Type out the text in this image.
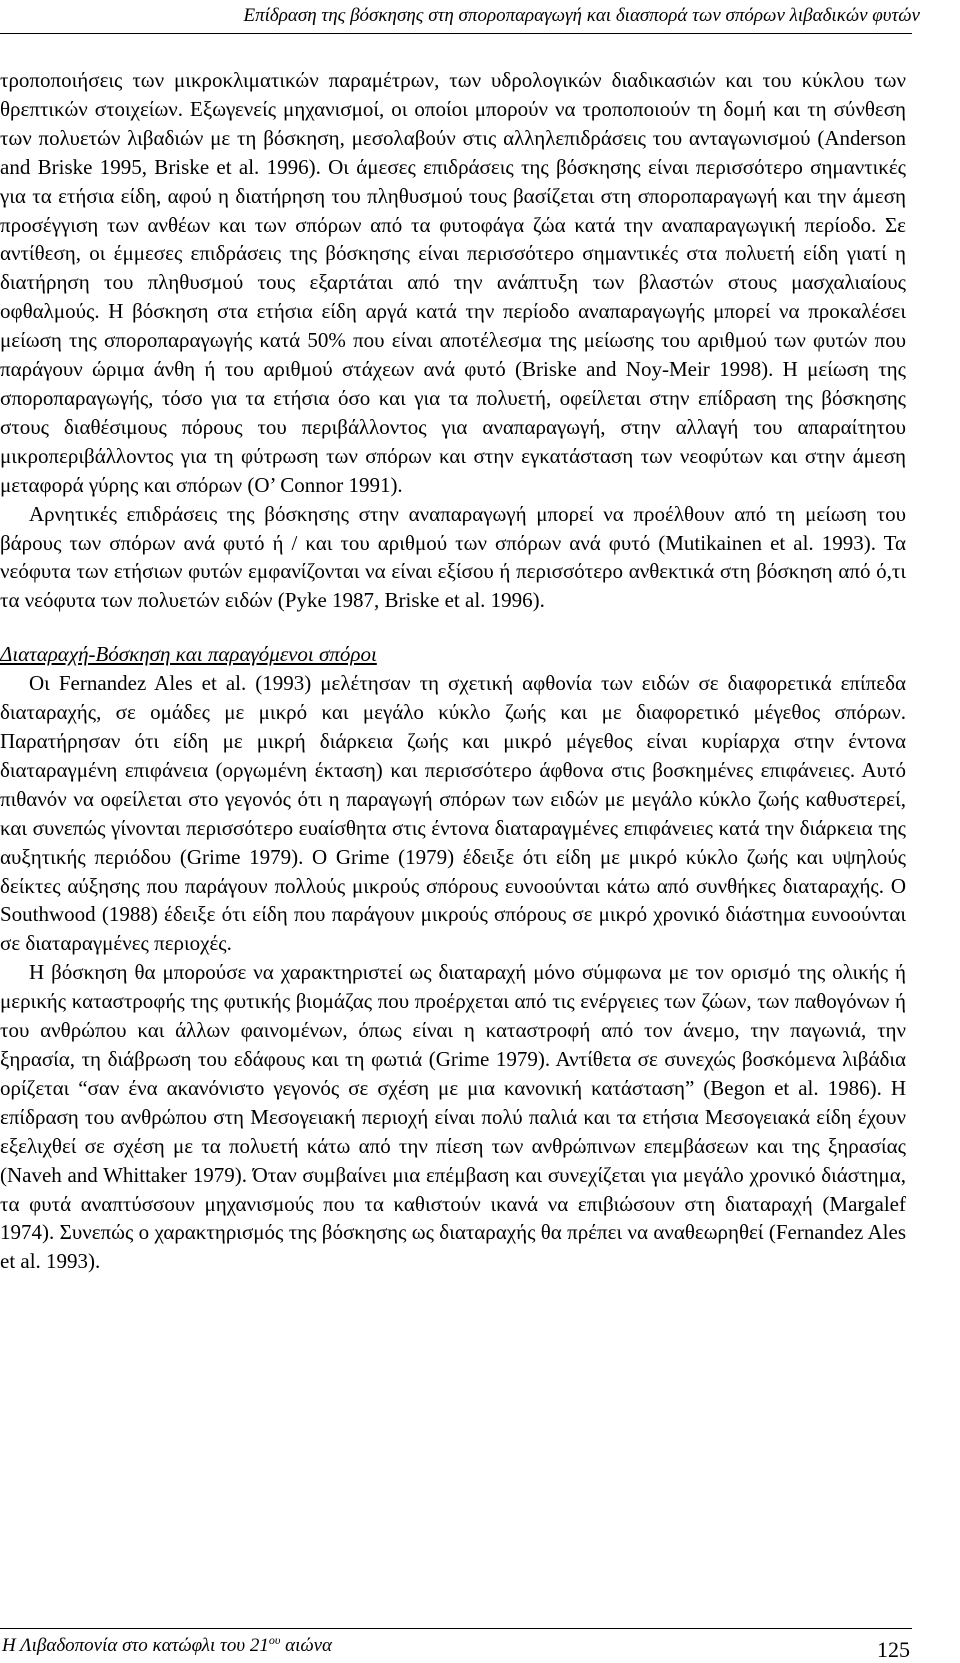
Επίδραση της βόσκησης στη σποροπαραγωγή και διασπορά των σπόρων λιβαδικών φυτών

τροποποιήσεις των μικροκλιματικών παραμέτρων, των υδρολογικών διαδικασιών και του κύκλου των θρεπτικών στοιχείων. Εξωγενείς μηχανισμοί, οι οποίοι μπορούν να τροποποιούν τη δομή και τη σύνθεση των πολυετών λιβαδιών με τη βόσκηση, μεσολαβούν στις αλληλεπιδράσεις του ανταγωνισμού (Anderson and Briske 1995, Briske et al. 1996). Οι άμεσες επιδράσεις της βόσκησης είναι περισσότερο σημαντικές για τα ετήσια είδη, αφού η διατήρηση του πληθυσμού τους βασίζεται στη σποροπαραγωγή και την άμεση προσέγγιση των ανθέων και των σπόρων από τα φυτοφάγα ζώα κατά την αναπαραγωγική περίοδο. Σε αντίθεση, οι έμμεσες επιδράσεις της βόσκησης είναι περισσότερο σημαντικές στα πολυετή είδη γιατί η διατήρηση του πληθυσμού τους εξαρτάται από την ανάπτυξη των βλαστών στους μασχαλιαίους οφθαλμούς. Η βόσκηση στα ετήσια είδη αργά κατά την περίοδο αναπαραγωγής μπορεί να προκαλέσει μείωση της σποροπαραγωγής κατά 50% που είναι αποτέλεσμα της μείωσης του αριθμού των φυτών που παράγουν ώριμα άνθη ή του αριθμού στάχεων ανά φυτό (Briske and Noy-Meir 1998). Η μείωση της σποροπαραγωγής, τόσο για τα ετήσια όσο και για τα πολυετή, οφείλεται στην επίδραση της βόσκησης στους διαθέσιμους πόρους του περιβάλλοντος για αναπαραγωγή, στην αλλαγή του απαραίτητου μικροπεριβάλλοντος για τη φύτρωση των σπόρων και στην εγκατάσταση των νεοφύτων και στην άμεση μεταφορά γύρης και σπόρων (O’ Connor 1991).

Αρνητικές επιδράσεις της βόσκησης στην αναπαραγωγή μπορεί να προέλθουν από τη μείωση του βάρους των σπόρων ανά φυτό ή / και του αριθμού των σπόρων ανά φυτό (Mutikainen et al. 1993). Τα νεόφυτα των ετήσιων φυτών εμφανίζονται να είναι εξίσου ή περισσότερο ανθεκτικά στη βόσκηση από ό,τι τα νεόφυτα των πολυετών ειδών (Pyke 1987, Briske et al. 1996).

Διαταραχή-Βόσκηση και παραγόμενοι σπόροι

Οι Fernandez Ales et al. (1993) μελέτησαν τη σχετική αφθονία των ειδών σε διαφορετικά επίπεδα διαταραχής, σε ομάδες με μικρό και μεγάλο κύκλο ζωής και με διαφορετικό μέγεθος σπόρων. Παρατήρησαν ότι είδη με μικρή διάρκεια ζωής και μικρό μέγεθος είναι κυρίαρχα στην έντονα διαταραγμένη επιφάνεια (οργωμένη έκταση) και περισσότερο άφθονα στις βοσκημένες επιφάνειες. Αυτό πιθανόν να οφείλεται στο γεγονός ότι η παραγωγή σπόρων των ειδών με μεγάλο κύκλο ζωής καθυστερεί, και συνεπώς γίνονται περισσότερο ευαίσθητα στις έντονα διαταραγμένες επιφάνειες κατά την διάρκεια της αυξητικής περιόδου (Grime 1979). Ο Grime (1979) έδειξε ότι είδη με μικρό κύκλο ζωής και υψηλούς δείκτες αύξησης που παράγουν πολλούς μικρούς σπόρους ευνοούνται κάτω από συνθήκες διαταραχής. Ο Southwood (1988) έδειξε ότι είδη που παράγουν μικρούς σπόρους σε μικρό χρονικό διάστημα ευνοούνται σε διαταραγμένες περιοχές.

Η βόσκηση θα μπορούσε να χαρακτηριστεί ως διαταραχή μόνο σύμφωνα με τον ορισμό της ολικής ή μερικής καταστροφής της φυτικής βιομάζας που προέρχεται από τις ενέργειες των ζώων, των παθογόνων ή του ανθρώπου και άλλων φαινομένων, όπως είναι η καταστροφή από τον άνεμο, την παγωνιά, την ξηρασία, τη διάβρωση του εδάφους και τη φωτιά (Grime 1979). Αντίθετα σε συνεχώς βοσκόμενα λιβάδια ορίζεται “σαν ένα ακανόνιστο γεγονός σε σχέση με μια κανονική κατάσταση” (Begon et al. 1986). Η επίδραση του ανθρώπου στη Μεσογειακή περιοχή είναι πολύ παλιά και τα ετήσια Μεσογειακά είδη έχουν εξελιχθεί σε σχέση με τα πολυετή κάτω από την πίεση των ανθρώπινων επεμβάσεων και της ξηρασίας (Naveh and Whittaker 1979). Όταν συμβαίνει μια επέμβαση και συνεχίζεται για μεγάλο χρονικό διάστημα, τα φυτά αναπτύσσουν μηχανισμούς που τα καθιστούν ικανά να επιβιώσουν στη διαταραχή (Margalef 1974). Συνεπώς ο χαρακτηρισμός της βόσκησης ως διαταραχής θα πρέπει να αναθεωρηθεί (Fernandez Ales et al. 1993).

Η Λιβαδοπονία στο κατώφλι του $21^{o\upsilon}$ αιώνα	125
